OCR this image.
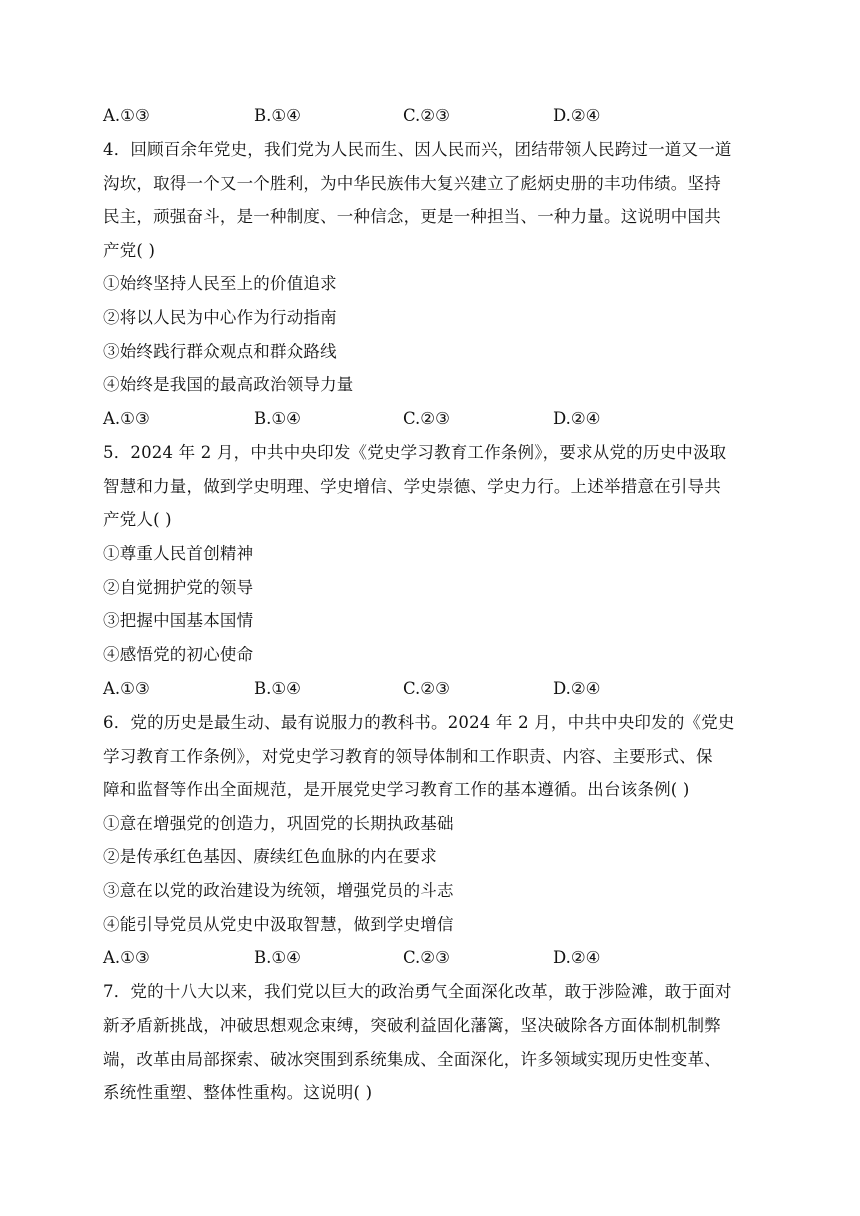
A.①③	B.①④	C.②③	D.②④
4．回顾百余年党史，我们党为人民而生、因人民而兴，团结带领人民跨过一道又一道
沟坎，取得一个又一个胜利，为中华民族伟大复兴建立了彪炳史册的丰功伟绩。坚持
民主，顽强奋斗，是一种制度、一种信念，更是一种担当、一种力量。这说明中国共
产党( )
①始终坚持人民至上的价值追求
②将以人民为中心作为行动指南
③始终践行群众观点和群众路线
④始终是我国的最高政治领导力量
A.①③	B.①④	C.②③	D.②④
5．2024 年 2 月，中共中央印发《党史学习教育工作条例》，要求从党的历史中汲取
智慧和力量，做到学史明理、学史增信、学史崇德、学史力行。上述举措意在引导共
产党人( )
①尊重人民首创精神
②自觉拥护党的领导
③把握中国基本国情
④感悟党的初心使命
A.①③	B.①④	C.②③	D.②④
6．党的历史是最生动、最有说服力的教科书。2024 年 2 月，中共中央印发的《党史
学习教育工作条例》，对党史学习教育的领导体制和工作职责、内容、主要形式、保
障和监督等作出全面规范，是开展党史学习教育工作的基本遵循。出台该条例( )
①意在增强党的创造力，巩固党的长期执政基础
②是传承红色基因、赓续红色血脉的内在要求
③意在以党的政治建设为统领，增强党员的斗志
④能引导党员从党史中汲取智慧，做到学史增信
A.①③	B.①④	C.②③	D.②④
7．党的十八大以来，我们党以巨大的政治勇气全面深化改革，敢于涉险滩，敢于面对
新矛盾新挑战，冲破思想观念束缚，突破利益固化藩篱，坚决破除各方面体制机制弊
端，改革由局部探索、破冰突围到系统集成、全面深化，许多领域实现历史性变革、
系统性重塑、整体性重构。这说明( )
